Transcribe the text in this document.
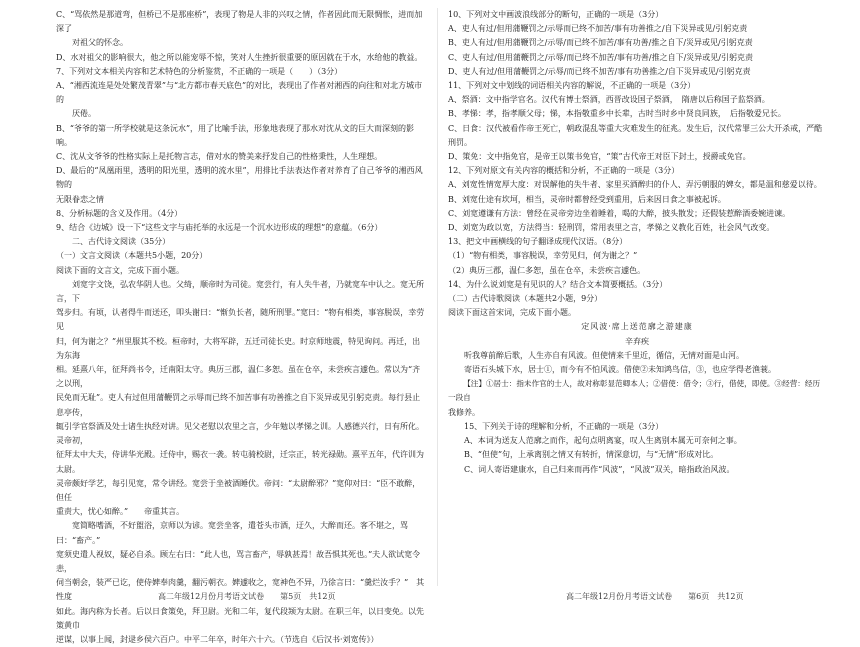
C、“骂依然是那道弯，但桥已不是那座桥”，表现了物是人非的兴叹之情，作者因此而无限惆怅，进而加深了

对祖父的怀念。

D、水对祖父的影响很大，他之所以能宠辱不惊，笑对人生挫折很重要的原因就在于水，水给他的教益。

7、下列对文本相关内容和艺术特色的分析鉴赏，不正确的一项是（　　）（3分）

A、“湘西流连是处处繁茂青翠”与“北方都市春天底色”的对比，表现出了作者对湘西的向往和对北方城市的

厌倦。

B、“爷爷的第一所学校就是这条沅水”，用了比喻手法，形象地表现了那水对沈从文的巨大而深刻的影响。

C、沈从文爷爷的性格实际上是托物言志，借对水的赞美来抒发自己的性格秉性，人生理想。

D、最后的“凤凰雨里，透明的阳光里，透明的流水里”，用排比手法表达作者对养育了自己爷爷的湘西风物的

无限眷恋之情

8、分析标题的含义及作用。（4分）

9、结合《边城》设一下“这些文字与庙托举的永远是一个沉水边形成的理想”的意蕴。（6分）

二、古代诗文阅读（35分）

（一）文言文阅读（本题共5小题，20分）

阅读下面的文言文，完成下面小题。

刘宽字文饶，弘农华阴人也。父绮，顺帝时为司徒。宽尝行，有人失牛者，乃就宽车中认之。宽无所言，下

驾步归。有顷，认者得牛而送还，叩头谢曰：“惭负长者，随所刑罪。”宽曰：“物有相类，事容脱误，幸劳见

归，何为谢之？”州里服其不校。桓帝时，大将军辟，五迁司徒长史。时京师地震，特见询问。再迁，出为东海

相。延熹八年，征拜尚书令，迁南阳太守。典历三郡，温仁多恕。虽在仓卒，未尝疾言遽色。常以为“齐之以刑，

民免而无耻”。吏人有过但用蒲鞭罚之示辱而已终不加苦事有功善推之自下災异或见引躬克责。每行县止息亭传，

辄引学官祭酒及处士诸生执经对讲。见父老慰以农里之言，少年勉以孝悌之训。人感德兴行，日有所化。灵帝初，

征拜太中大夫，侍讲华光殿。迁侍中，赐衣一袭。转屯骑校尉，迁宗正，转光禄勋。熹平五年，代许训为太尉。

灵帝颇好学艺，每引见宽，常令讲经。宽尝于坐被酒睡伏。帝问：“太尉醉邪？”宽仰对曰：“臣不敢醉，但任

重责大，忧心如醉。”　　帝重其言。

宽简略嗜酒，不好盥浴，京师以为谚。宽尝坐客，遣苍头市酒，迂久，大醉而还。客不堪之，骂曰：“畜产。”

宽须史遣人视奴，疑必自杀。顾左右曰：“此人也，骂言畜产，辱孰甚焉！故吾惧其死也。”夫人欲试宽令恚，

伺当朝会，装严已讫，使侍婢奉肉羹，翻污朝衣。婢遽收之，宽神色不异，乃徐言曰：“羹烂汝手？”　其性度

如此。海内称为长者。后以日食策免，拜卫尉。光和二年，复代段颎为太尉。在职三年，以日变免。以先策黄巾

逆谋，以事上闻，封逯乡侯六百户。中平二年卒，时年六十六。（节选自《后汉书·刘宽传》）

10、下列对文中画波浪线部分的断句，正确的一项是（3分）

A、吏人有过/但用蒲鞭罚之/示辱而已终不加苦/事有功善推之/自下災异或见/引躬克责

B、吏人有过/但用蒲鞭罚之/示辱/而已终不加苦/事有功善/推之自下/災异或见/引躬克责

C、吏人有过/但用蒲鞭罚之/示辱/而已终不加苦/事有功善/推之自下/災异或见/引躬克责

D、吏人有过/但用蒲鞭罚之/示辱/而已终不加苦/事有功善推之/自下災异或见/引躬克责

11、下列对文中划线的词语相关内容的解说，不正确的一项是（3分）

A、祭酒：文中指学官名。汉代有博士祭酒，西晋改设国子祭酒，　隋唐以后称国子监祭酒。

B、孝悌：孝，指孝顺父母；悌，本指敬重乡中长辈，古时当时乡中贤良同族，　后指敬爱兄长。

C、日食：汉代被看作帝王死亡，朝政混乱等重大灾难发生的征兆。发生后，汉代常罪三公大开杀戒，严酷刑罚。

D、策免：文中指免官，是帝王以策书免官，“策”古代帝王对臣下封土，授爵或免官。

12、下列对原文有关内容的概括和分析，不正确的一项是（3分）

A、刘宽性情宽厚大度：对误解他的失牛者、家里买酒醉归的仆人、弄污朝服的婢女，都是温和慈爱以待。

B、刘宽仕途有坎坷，相当，灵帝时都曾经受到重用，后来因日食之事被起诉。

C、刘宽遵谦有方法：曾经在灵帝旁边坐着睡着，喝的大醉，披头散发；还假装惹醉酒委婉进谏。

D、刘宽为政以宽，方法得当：轻刑罚，常用表里之言，孝悌之义教化百姓，社会风气改变。

13、把文中画横线的句子翻译成现代汉语。（8分）

（1）“物有相类，事容脱误，幸劳见归，何为谢之？”

（2）典历三郡，温仁多恕，虽在仓卒，未尝疾言遽色。

14、为什么说刘宽是有见识的人？结合文本简要概括。（3分）

（二）古代诗歌阅读（本题共2小题，9分）

阅读下面这首宋词，完成下面小题。

定风波·席上送范廓之游建康

辛弃疾

听我尊前醉后歌，人生亦自有风波。但使情来千里近，循信，无情对面是山河。

寄语石头城下水，居士①，而今有不怕风波。借使②未知鸿鸟信，③，也应学得老渔蓑。

【注】①居士：指未作官的士人，故对称彰显范卿本人；②借使：借令；③行，借使，即使。③经营：经历一段自

我修养。

15、下列关于诗的理解和分析，不正确的一项是（3分）

A、本词为送友人范廓之而作，起句点明离宴，叹人生离别本属无可奈何之事。

B、“但使”句，上承离别之情又有转折，情深意切，与“无情”形成对比。

C、词人寄语建康水，自己归来而再作“风波”，“风波”双关，暗指政治风波。

高二年级12月份月考语文试卷　　第5页　共12页	高二年级12月份月考语文试卷　　第6页　共12页
